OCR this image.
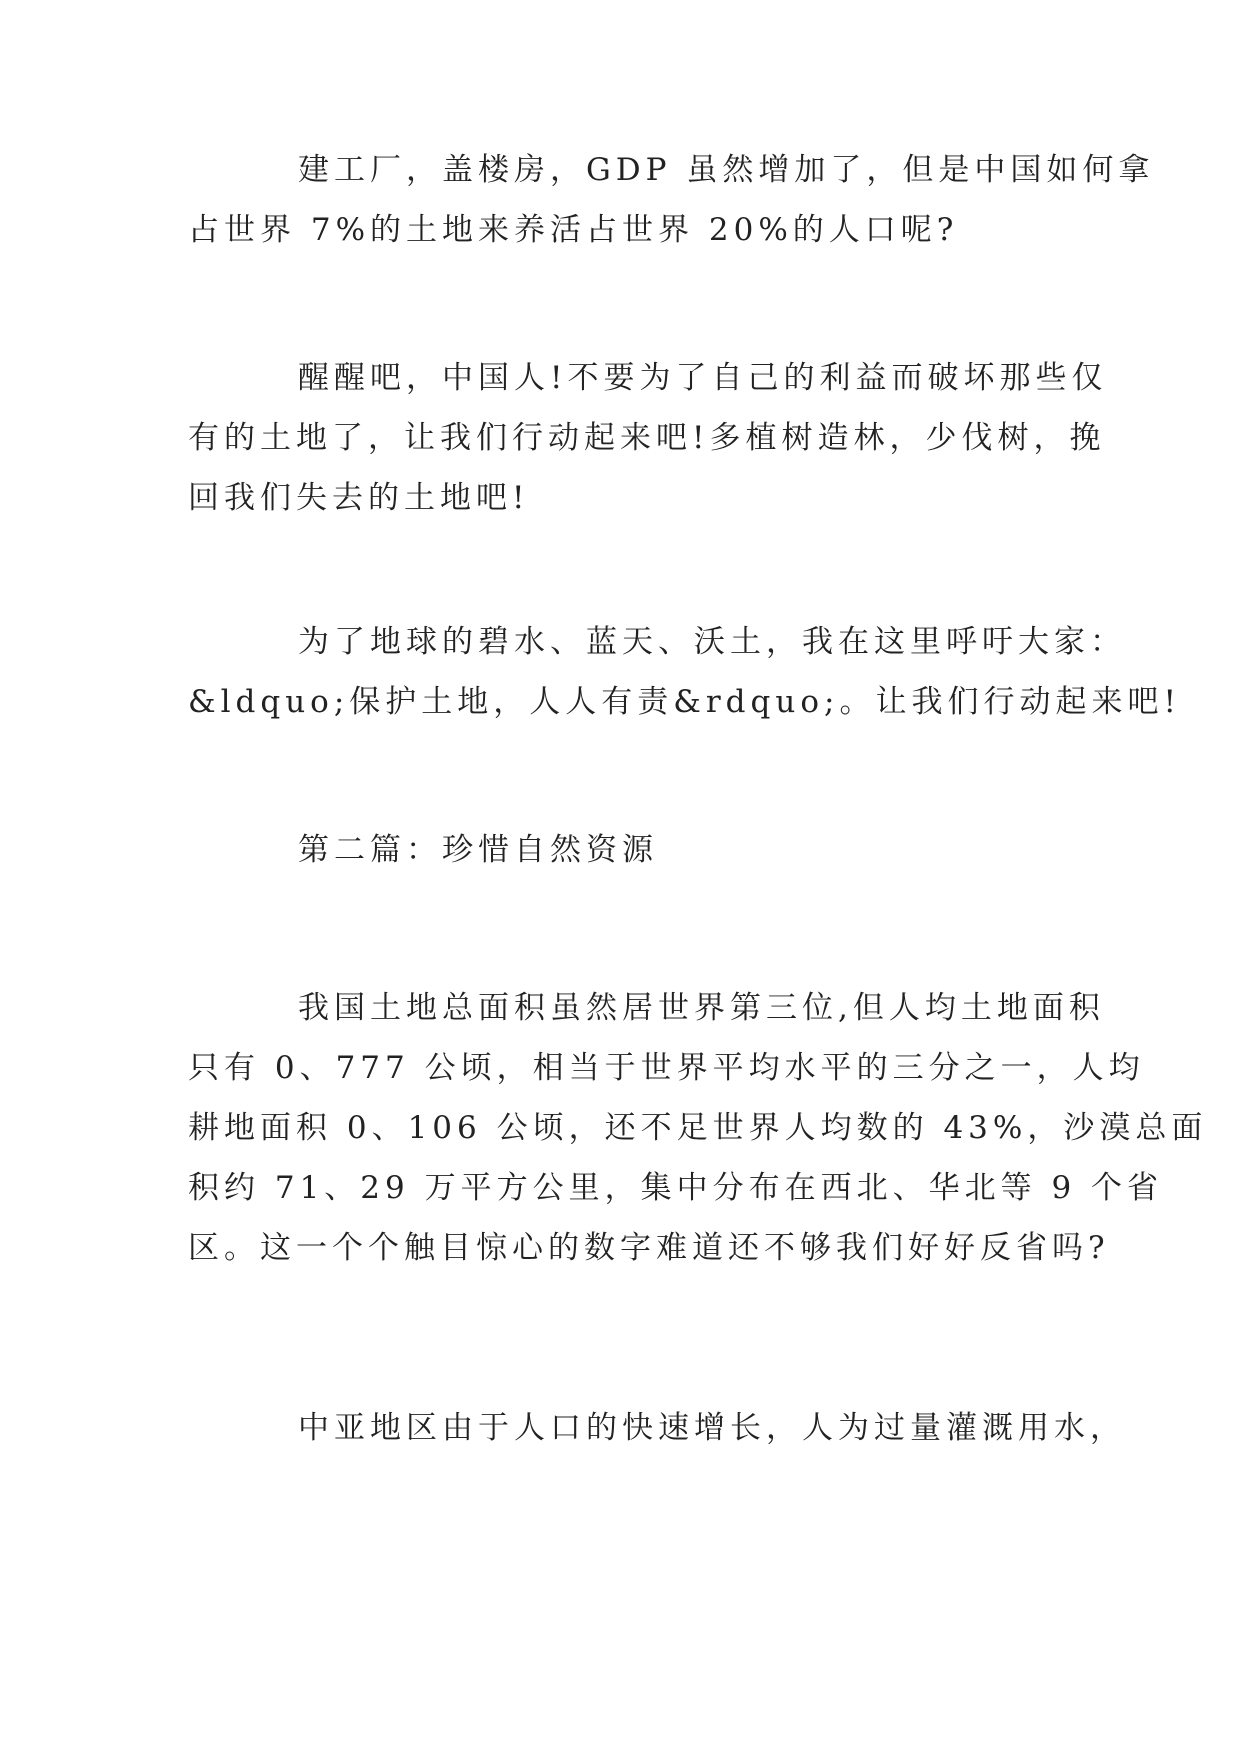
建工厂，盖楼房，GDP 虽然增加了，但是中国如何拿
占世界 7%的土地来养活占世界 20%的人口呢?
醒醒吧，中国人!不要为了自己的利益而破坏那些仅
有的土地了，让我们行动起来吧!多植树造林，少伐树，挽
回我们失去的土地吧!
为了地球的碧水、蓝天、沃土，我在这里呼吁大家：
&ldquo;保护土地，人人有责&rdquo;。让我们行动起来吧!
第二篇：珍惜自然资源
我国土地总面积虽然居世界第三位,但人均土地面积
只有 0、777 公顷，相当于世界平均水平的三分之一，人均
耕地面积 0、106 公顷，还不足世界人均数的 43%，沙漠总面
积约 71、29 万平方公里，集中分布在西北、华北等 9 个省
区。这一个个触目惊心的数字难道还不够我们好好反省吗?
中亚地区由于人口的快速增长，人为过量灌溉用水，
